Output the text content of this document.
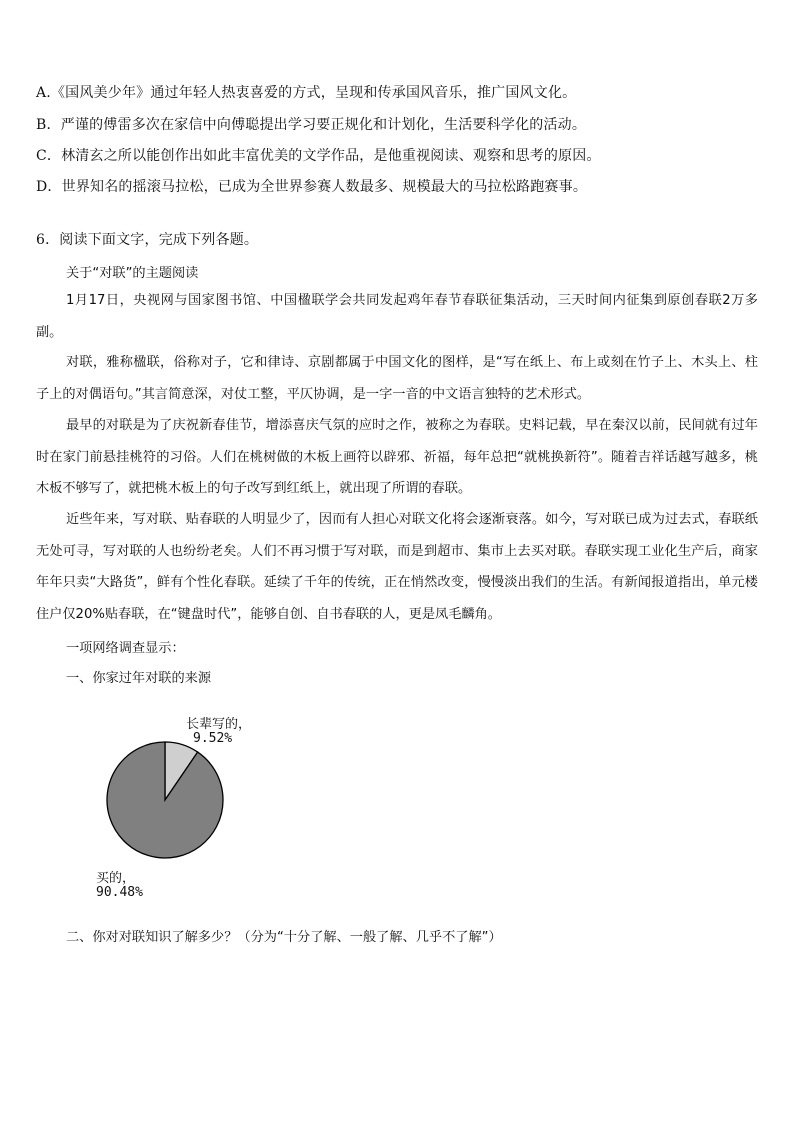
A.《国风美少年》通过年轻人热衷喜爱的方式，呈现和传承国风音乐，推广国风文化。
B．严谨的傅雷多次在家信中向傅聪提出学习要正规化和计划化，生活要科学化的活动。
C．林清玄之所以能创作出如此丰富优美的文学作品，是他重视阅读、观察和思考的原因。
D．世界知名的摇滚马拉松，已成为全世界参赛人数最多、规模最大的马拉松路跑赛事。
6．阅读下面文字，完成下列各题。
关于“对联”的主题阅读
1月17日，央视网与国家图书馆、中国楹联学会共同发起鸡年春节春联征集活动，三天时间内征集到原创春联2万多副。
对联，雅称楹联，俗称对子，它和律诗、京剧都属于中国文化的图样，是“写在纸上、布上或刻在竹子上、木头上、柱子上的对偶语句。”其言简意深，对仗工整，平仄协调，是一字一音的中文语言独特的艺术形式。
最早的对联是为了庆祝新春佳节，增添喜庆气氛的应时之作，被称之为春联。史料记载，早在秦汉以前，民间就有过年时在家门前悬挂桃符的习俗。人们在桃树做的木板上画符以辟邪、祈福，每年总把“就桃换新符”。随着吉祥话越写越多，桃木板不够写了，就把桃木板上的句子改写到红纸上，就出现了所谓的春联。
近些年来，写对联、贴春联的人明显少了，因而有人担心对联文化将会逐渐衰落。如今，写对联已成为过去式，春联纸无处可寻，写对联的人也纷纷老矣。人们不再习惯于写对联，而是到超市、集市上去买对联。春联实现工业化生产后，商家年年只卖“大路货”，鲜有个性化春联。延续了千年的传统，正在悄然改变，慢慢淡出我们的生活。有新闻报道指出，单元楼住户仅20%贴春联，在“键盘时代”，能够自创、自书春联的人，更是凤毛麟角。
一项网络调查显示：
一、你家过年对联的来源
长辈写的，
9.52%
买的，
90.48%
二、你对对联知识了解多少？（分为“十分了解、一般了解、几乎不了解”）
